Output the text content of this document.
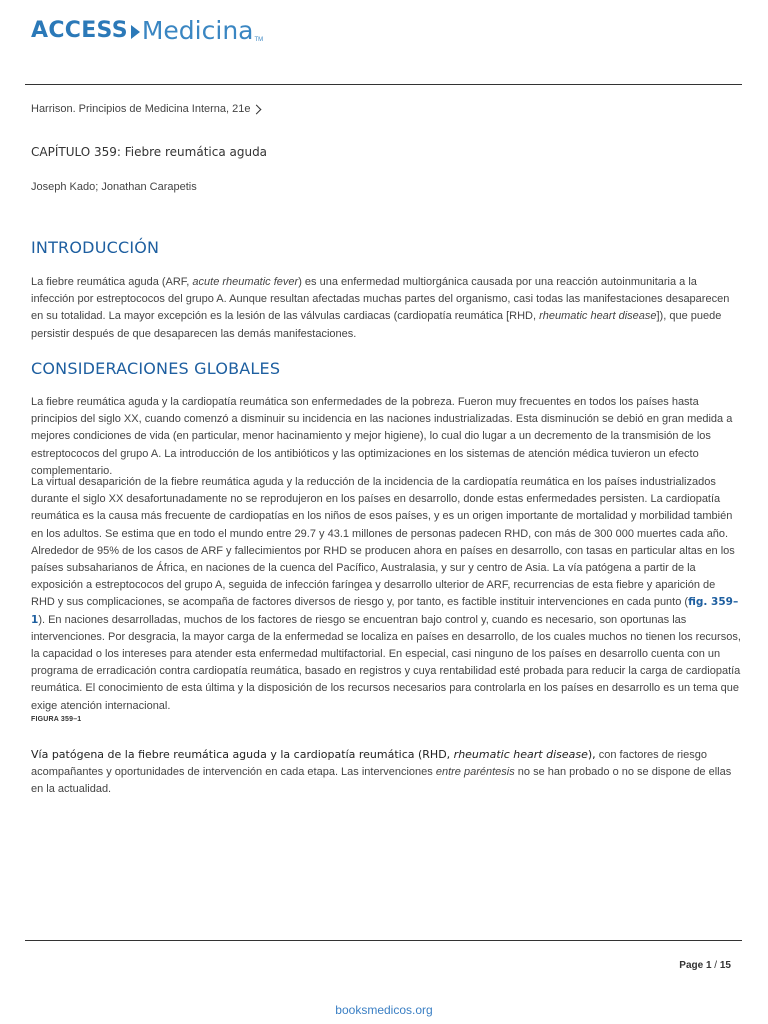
ACCESS Medicina TM
Harrison. Principios de Medicina Interna, 21e
CAPÍTULO 359: Fiebre reumática aguda
Joseph Kado; Jonathan Carapetis
INTRODUCCIÓN

La fiebre reumática aguda (ARF, acute rheumatic fever) es una enfermedad multiorgánica causada por una reacción autoinmunitaria a la infección por estreptococos del grupo A. Aunque resultan afectadas muchas partes del organismo, casi todas las manifestaciones desaparecen en su totalidad. La mayor excepción es la lesión de las válvulas cardiacas (cardiopatía reumática [RHD, rheumatic heart disease]), que puede persistir después de que desaparecen las demás manifestaciones.

CONSIDERACIONES GLOBALES

La fiebre reumática aguda y la cardiopatía reumática son enfermedades de la pobreza. Fueron muy frecuentes en todos los países hasta principios del siglo XX, cuando comenzó a disminuir su incidencia en las naciones industrializadas. Esta disminución se debió en gran medida a mejores condiciones de vida (en particular, menor hacinamiento y mejor higiene), lo cual dio lugar a un decremento de la transmisión de los estreptococos del grupo A. La introducción de los antibióticos y las optimizaciones en los sistemas de atención médica tuvieron un efecto complementario.

La virtual desaparición de la fiebre reumática aguda y la reducción de la incidencia de la cardiopatía reumática en los países industrializados durante el siglo XX desafortunadamente no se reprodujeron en los países en desarrollo, donde estas enfermedades persisten. La cardiopatía reumática es la causa más frecuente de cardiopatías en los niños de esos países, y es un origen importante de mortalidad y morbilidad también en los adultos. Se estima que en todo el mundo entre 29.7 y 43.1 millones de personas padecen RHD, con más de 300 000 muertes cada año. Alrededor de 95% de los casos de ARF y fallecimientos por RHD se producen ahora en países en desarrollo, con tasas en particular altas en los países subsaharianos de África, en naciones de la cuenca del Pacífico, Australasia, y sur y centro de Asia. La vía patógena a partir de la exposición a estreptococos del grupo A, seguida de infección faríngea y desarrollo ulterior de ARF, recurrencias de esta fiebre y aparición de RHD y sus complicaciones, se acompaña de factores diversos de riesgo y, por tanto, es factible instituir intervenciones en cada punto (fig. 359–1). En naciones desarrolladas, muchos de los factores de riesgo se encuentran bajo control y, cuando es necesario, son oportunas las intervenciones. Por desgracia, la mayor carga de la enfermedad se localiza en países en desarrollo, de los cuales muchos no tienen los recursos, la capacidad o los intereses para atender esta enfermedad multifactorial. En especial, casi ninguno de los países en desarrollo cuenta con un programa de erradicación contra cardiopatía reumática, basado en registros y cuya rentabilidad esté probada para reducir la carga de cardiopatía reumática. El conocimiento de esta última y la disposición de los recursos necesarios para controlarla en los países en desarrollo es un tema que exige atención internacional.

FIGURA 359–1

Vía patógena de la fiebre reumática aguda y la cardiopatía reumática (RHD, rheumatic heart disease), con factores de riesgo acompañantes y oportunidades de intervención en cada etapa. Las intervenciones entre paréntesis no se han probado o no se dispone de ellas en la actualidad.

Page 1 / 15
booksmedicos.org
